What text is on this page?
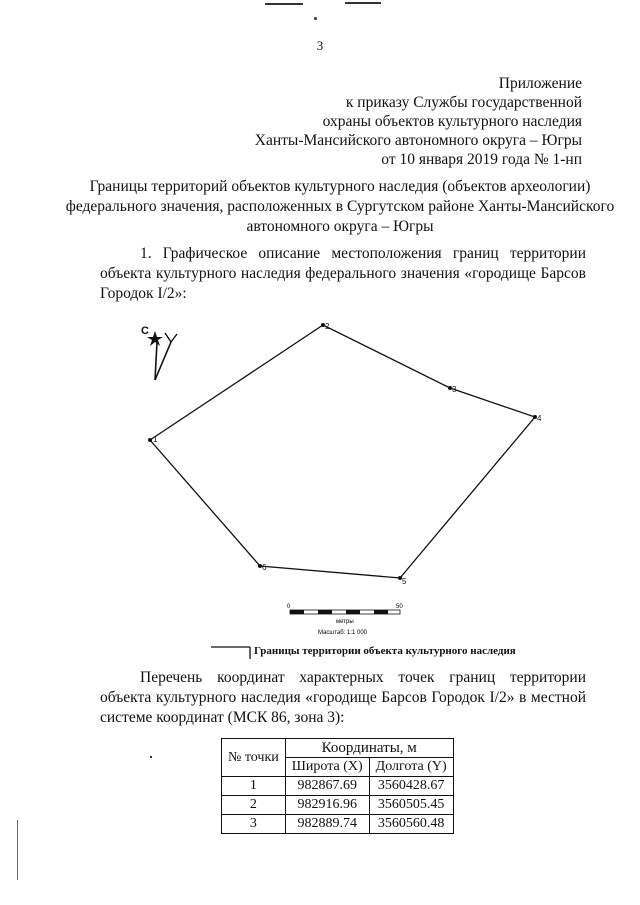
3
Приложение
к приказу Службы государственной
охраны объектов культурного наследия
Ханты-Мансийского автономного округа – Югры
от 10 января 2019 года № 1-нп
Границы территорий объектов культурного наследия (объектов археологии) федерального значения, расположенных в Сургутском районе Ханты-Мансийского автономного округа – Югры
1. Графическое описание местоположения границ территории объекта культурного наследия федерального значения «городище Барсов Городок I/2»:
С
1
2
3
4
5
6
0	50
метры
Масштаб: 1:1 000
Границы территории объекта культурного наследия
Перечень координат характерных точек границ территории объекта культурного наследия «городище Барсов Городок I/2» в местной системе координат (МСК 86, зона 3):
№ точки	Координаты, м	
	Широта (X)	Долгота (Y)
1	982867.69	3560428.67
2	982916.96	3560505.45
3	982889.74	3560560.48
